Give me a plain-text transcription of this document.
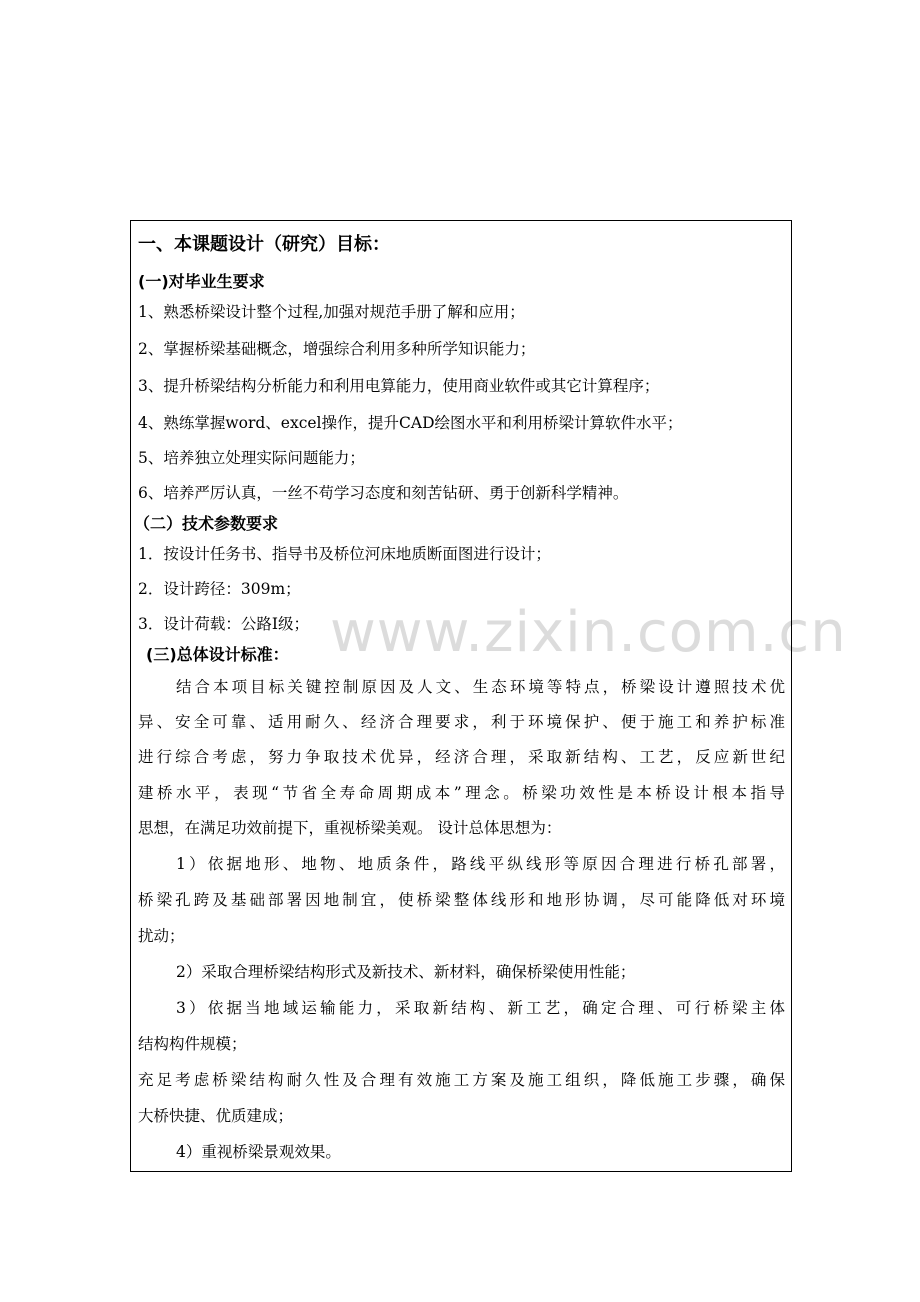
www.zixin.com.cn
一、本课题设计（研究）目标：
(一)对毕业生要求
1、熟悉桥梁设计整个过程,加强对规范手册了解和应用；
2、掌握桥梁基础概念，增强综合利用多种所学知识能力；
3、提升桥梁结构分析能力和利用电算能力，使用商业软件或其它计算程序；
4、熟练掌握word、excel操作，提升CAD绘图水平和利用桥梁计算软件水平；
5、培养独立处理实际问题能力；
6、培养严厉认真，一丝不苟学习态度和刻苦钻研、勇于创新科学精神。
（二）技术参数要求
1．按设计任务书、指导书及桥位河床地质断面图进行设计；
2．设计跨径：309m；
3．设计荷载：公路Ⅰ级；
(三)总体设计标准：
结合本项目标关键控制原因及人文、生态环境等特点，桥梁设计遵照技术优
异、安全可靠、适用耐久、经济合理要求，利于环境保护、便于施工和养护标准
进行综合考虑，努力争取技术优异，经济合理，采取新结构、工艺，反应新世纪
建桥水平，表现“节省全寿命周期成本”理念。桥梁功效性是本桥设计根本指导
思想，在满足功效前提下，重视桥梁美观。 设计总体思想为：
1）依据地形、地物、地质条件，路线平纵线形等原因合理进行桥孔部署，
桥梁孔跨及基础部署因地制宜，使桥梁整体线形和地形协调，尽可能降低对环境
扰动；
2）采取合理桥梁结构形式及新技术、新材料，确保桥梁使用性能；
3）依据当地域运输能力，采取新结构、新工艺，确定合理、可行桥梁主体
结构构件规模；
充足考虑桥梁结构耐久性及合理有效施工方案及施工组织，降低施工步骤，确保
大桥快捷、优质建成；
4）重视桥梁景观效果。
